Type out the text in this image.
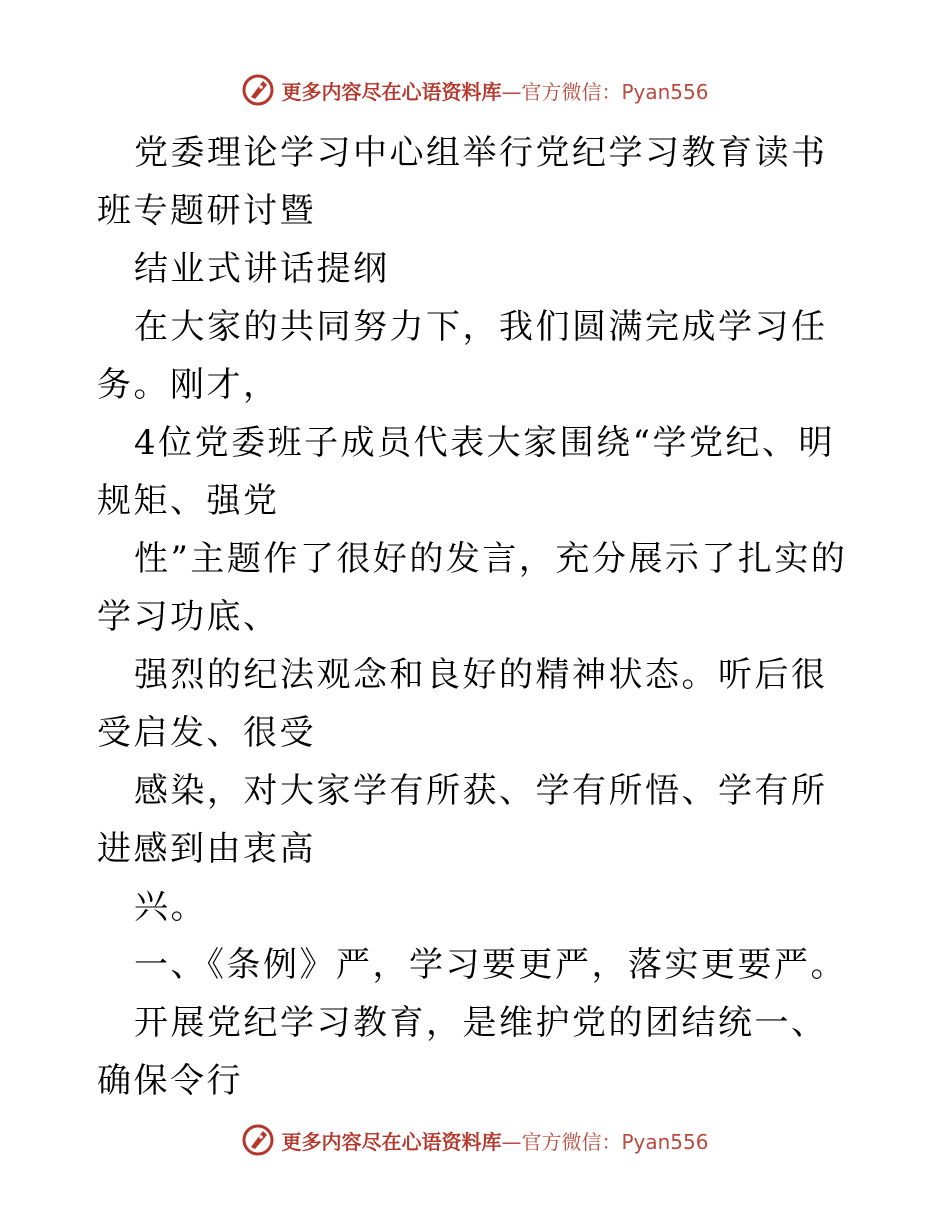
更多内容尽在心语资料库—官方微信：Pyan556

党委理论学习中心组举行党纪学习教育读书班专题研讨暨

结业式讲话提纲

在大家的共同努力下，我们圆满完成学习任务。刚才，

4位党委班子成员代表大家围绕“学党纪、明规矩、强党

性”主题作了很好的发言，充分展示了扎实的学习功底、

强烈的纪法观念和良好的精神状态。听后很受启发、很受

感染，对大家学有所获、学有所悟、学有所进感到由衷高

兴。

一、《条例》严，学习要更严，落实更要严。

开展党纪学习教育，是维护党的团结统一、确保令行

更多内容尽在心语资料库—官方微信：Pyan556
